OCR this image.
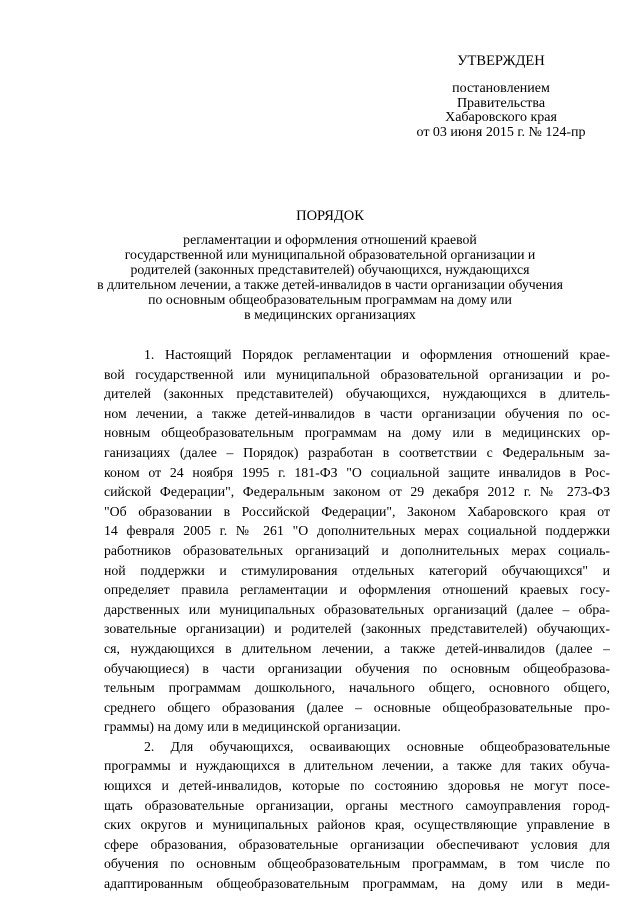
УТВЕРЖДЕН
постановлением
Правительства
Хабаровского края
от 03 июня 2015 г. № 124-пр
ПОРЯДОК
регламентации и оформления отношений краевой
государственной или муниципальной образовательной организации и
родителей (законных представителей) обучающихся, нуждающихся
в длительном лечении, а также детей-инвалидов в части организации обучения
по основным общеобразовательным программам на дому или
в медицинских организациях
1. Настоящий Порядок регламентации и оформления отношений крае-
вой государственной или муниципальной образовательной организации и ро-
дителей (законных представителей) обучающихся, нуждающихся в длитель-
ном лечении, а также детей-инвалидов в части организации обучения по ос-
новным общеобразовательным программам на дому или в медицинских ор-
ганизациях (далее – Порядок) разработан в соответствии с Федеральным за-
коном от 24 ноября 1995 г. 181-ФЗ "О социальной защите инвалидов в Рос-
сийской Федерации", Федеральным законом от 29 декабря 2012 г. № 273-ФЗ
"Об образовании в Российской Федерации", Законом Хабаровского края от
14 февраля 2005 г. № 261 "О дополнительных мерах социальной поддержки
работников образовательных организаций и дополнительных мерах социаль-
ной поддержки и стимулирования отдельных категорий обучающихся" и
определяет правила регламентации и оформления отношений краевых госу-
дарственных или муниципальных образовательных организаций (далее – обра-
зовательные организации) и родителей (законных представителей) обучающих-
ся, нуждающихся в длительном лечении, а также детей-инвалидов (далее –
обучающиеся) в части организации обучения по основным общеобразова-
тельным программам дошкольного, начального общего, основного общего,
среднего общего образования (далее – основные общеобразовательные про-
граммы) на дому или в медицинской организации.
2. Для обучающихся, осваивающих основные общеобразовательные
программы и нуждающихся в длительном лечении, а также для таких обуча-
ющихся и детей-инвалидов, которые по состоянию здоровья не могут посе-
щать образовательные организации, органы местного самоуправления город-
ских округов и муниципальных районов края, осуществляющие управление в
сфере образования, образовательные организации обеспечивают условия для
обучения по основным общеобразовательным программам, в том числе по
адаптированным общеобразовательным программам, на дому или в меди-
